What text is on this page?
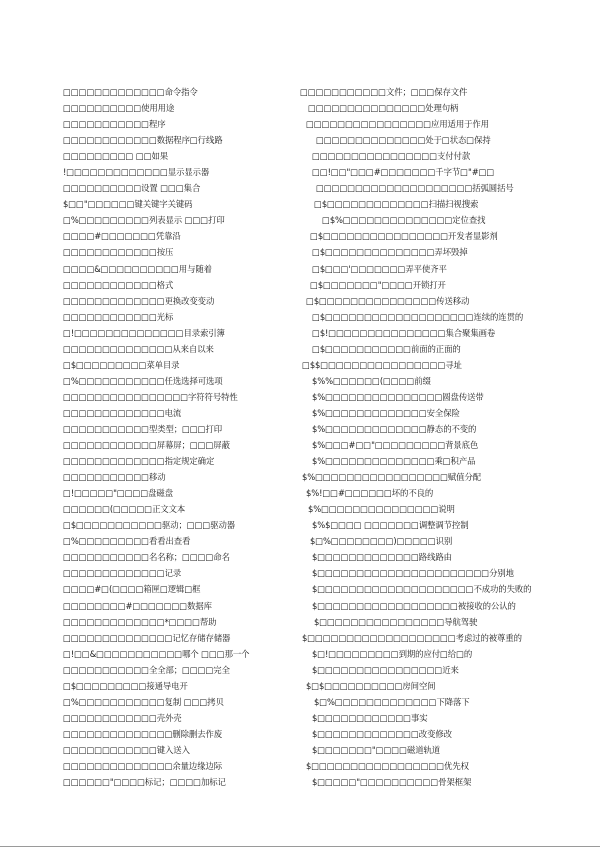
□□□□□□□□□□□□□命令指令
□□□□□□□□□□使用用途
□□□□□□□□□□□程序
□□□□□□□□□□□□数据程序□行线路
□□□□□□□□□ □□如果
!□□□□□□□□□□□□□显示显示器
□□□□□□□□□□设置 □□□集合
$□□"□□□□□□键关键字关键码
□%□□□□□□□□□列表显示 □□□打印
□□□□#□□□□□□□凭靠沿
□□□□□□□□□□□□按压
□□□□&□□□□□□□□□□用与随着
□□□□□□□□□□□□格式
□□□□□□□□□□□□□更换改变变动
□□□□□□□□□□□□光标
□!□□□□□□□□□□□□□□目录索引簿
□□□□□□□□□□□□□□从来自以来
□$□□□□□□□□□菜单目录
□%□□□□□□□□□□□任选选择可选项
□□□□□□□□□□□□□□□□字符符号特性
□□□□□□□□□□□□□电流
□□□□□□□□□□□型类型；□□□打印
□□□□□□□□□□□□屏幕屏；□□□屏蔽
□□□□□□□□□□□□□指定规定确定
□□□□□□□□□□□移动
□!□□□□□"□□□□盘磁盘
□□□□□□(□□□□□正文文本
□$□□□□□□□□□□□驱动；□□□驱动器
□%□□□□□□□□□看看出查看
□□□□□□□□□□□名名称；□□□□命名
□□□□□□□□□□□□□记录
□□□□#□(□□□□箱匣□逻辑□框
□□□□□□□□#□□□□□□□数据库
□□□□□□□□□□□□□*□□□□帮助
□□□□□□□□□□□□□□记忆存储存储器
□!□□&□□□□□□□□□□□哪个 □□□那一个
□□□□□□□□□□□全全部；□□□□完全
□$□□□□□□□□□接通导电开
□%□□□□□□□□□□□复制 □□□拷贝
□□□□□□□□□□□□壳外壳
□□□□□□□□□□□□□□删除删去作废
□□□□□□□□□□□□键入送入
□□□□□□□□□□□□□□余量边缘边际
□□□□□□"□□□□标记；□□□□加标记
□□□□□□□□□□□文件；□□□保存文件
□□□□□□□□□□□□□□□处理句柄
□□□□□□□□□□□□□□□□应用适用于作用
□□□□□□□□□□□□□□处于□状态□保持
□□□□□□□□□□□□□□□□支付付款
□□!□□"□□□#□□□□□□□千字节□"#□□
□□□□□□□□□□□□□□□□□□□□括弧圆括号
□$□□□□□□□□□□□□□扫描扫视搜索
□$%□□□□□□□□□□□□□□定位查找
□$□□□□□□□□□□□□□□□□开发者显影剂
□$□□□□□□□□□□□□□□弄坏毁掉
□$□□□'□□□□□□□弄平使齐平
□$□□□□□□□"□□□□开锁打开
□$□□□□□□□□□□□□□□□传送移动
□$□□□□□□□□□□□□□□□□□□□连续的连贯的
□$!□□□□□□□□□□□□□□□集合聚集画卷
□$□□□□□□□□□□□前面的正面的
□$$□□□□□□□□□□□□□□□□寻址
$%%□□□□□□(□□□□前缀
$%□□□□□□□□□□□□□□□圆盘传送带
$%□□□□□□□□□□□□□安全保险
$%□□□□□□□□□□□□□静态的不变的
$%□□□#□□"□□□□□□□□□背景底色
$%□□□□□□□□□□□□□□乘□积产品
$%□□□□□□□□□□□□□□□□□赋值分配
$%!□□#□□□□□□坏的不良的
$%□□□□□□□□□□□□□□□说明
$%$□□□□ □□□□□□□调整调节控制
$□%□□□□□□□□)□□□□□识别
$□□□□□□□□□□□□□路线路由
$□□□□□□□□□□□□□□□□□□□□□□分别地
$□□□□□□□□□□□□□□□□□□□□不成功的失败的
$□□□□□□□□□□□□□□□□□□被接收的公认的
$□□□□□□□□□□□□□□□□导航驾驶
$□□□□□□□□□□□□□□□□□□□考虑过的被尊重的
$□!□□□□□□□□□到期的应付□给□的
$□□□□□□□□□□□□□□□□近来
$□$□□□□□□□□□□房间空间
$□%□□□□□□□□□□□□□下降落下
$□□□□□□□□□□□□事实
$□□□□□□□□□□□□□改变修改
$□□□□□□□"□□□□磁道轨道
$□□□□□□□□□□□□□□□□□优先权
$□□□□□"□□□□□□□□□□骨架框架
